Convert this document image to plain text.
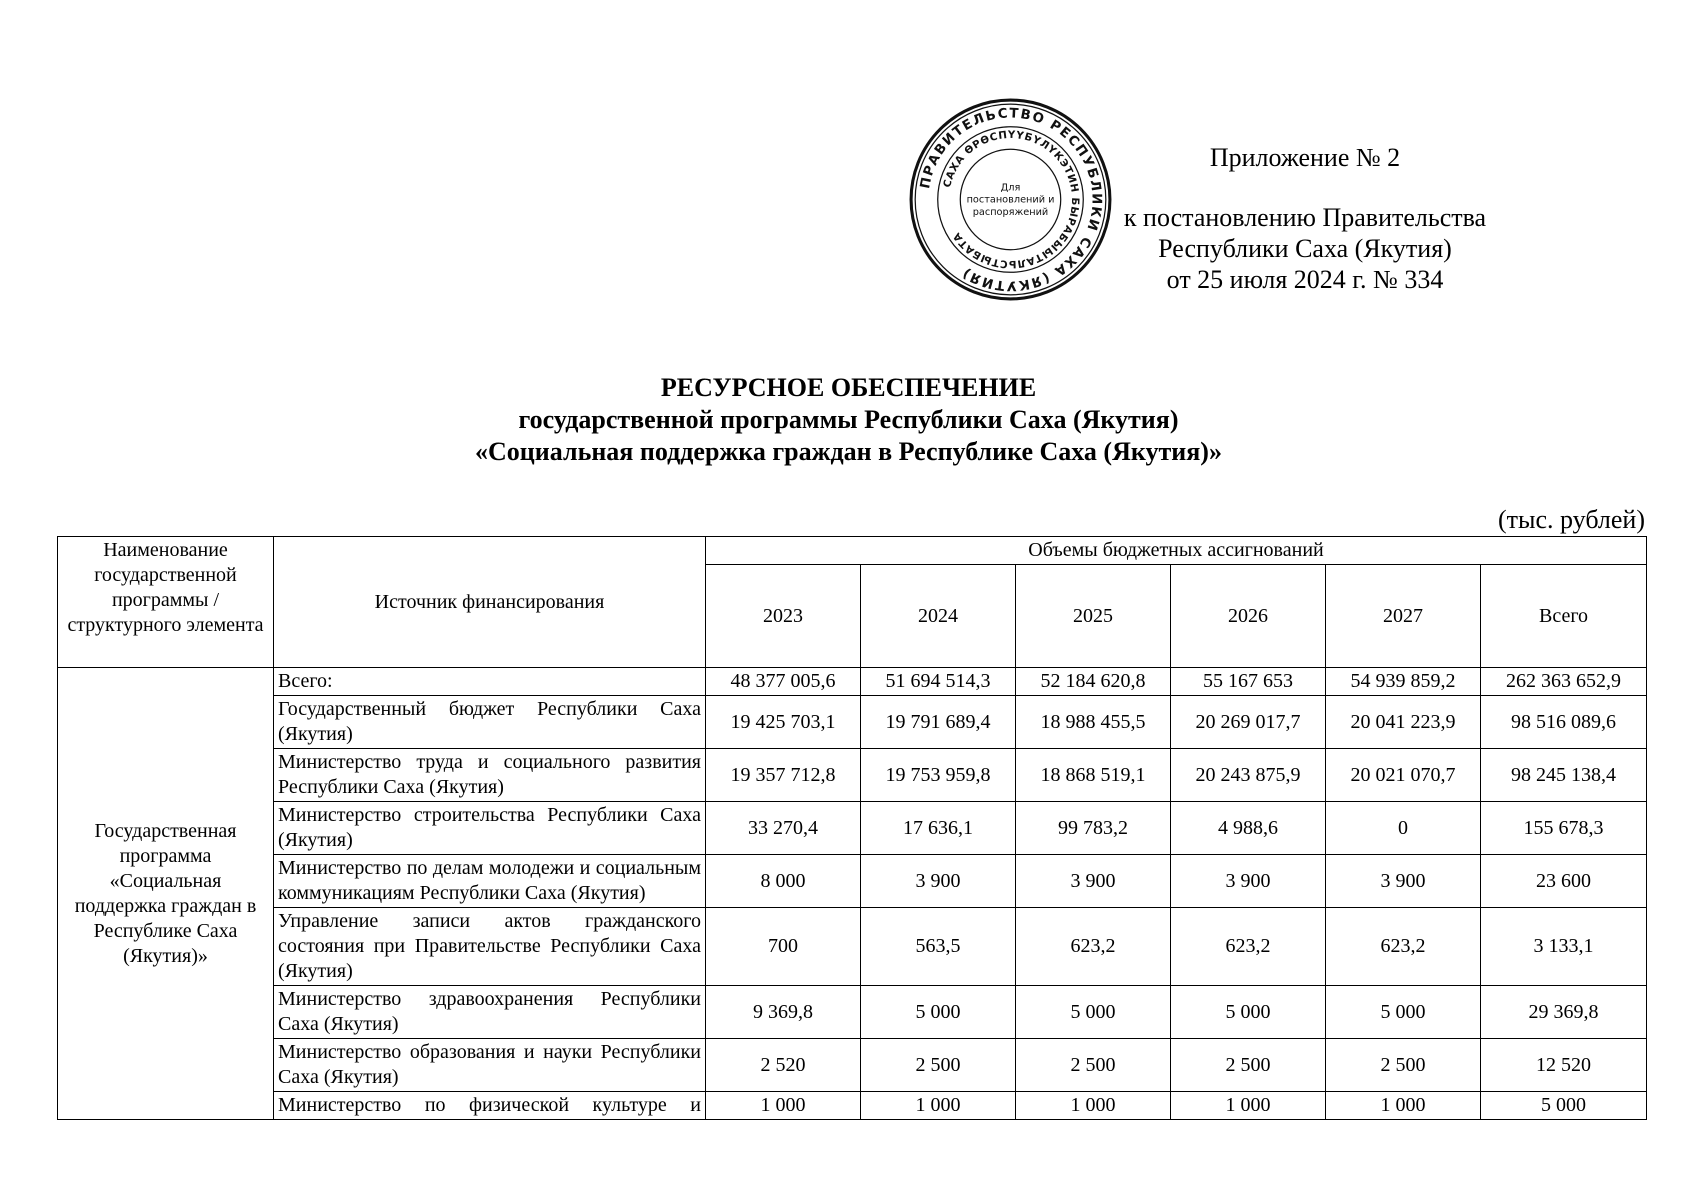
ПРАВИТЕЛЬСТВО РЕСПУБЛИКИ САХА (ЯКУТИЯ)
САХА ӨРӨСПҮҮБҮЛҮКЭТИН БЫРАБЫЫТАЛЬСТЫБАТА
Для
постановлений и
распоряжений
Приложение № 2
к постановлению Правительства
Республики Саха (Якутия)
от 25 июля 2024 г. № 334
РЕСУРСНОЕ ОБЕСПЕЧЕНИЕ
государственной программы Республики Саха (Якутия)
«Социальная поддержка граждан в Республике Саха (Якутия)»
(тыс. рублей)
Наименование государственной программы / структурного элемента	Источник финансирования	Объемы бюджетных ассигнований					
		2023	2024	2025	2026	2027	Всего
Государственная программа «Социальная поддержка граждан в Республике Саха (Якутия)»	Всего:	48 377 005,6	51 694 514,3	52 184 620,8	55 167 653	54 939 859,2	262 363 652,9
	Государственный бюджет Республики Саха (Якутия)	19 425 703,1	19 791 689,4	18 988 455,5	20 269 017,7	20 041 223,9	98 516 089,6
	Министерство труда и социального развития Республики Саха (Якутия)	19 357 712,8	19 753 959,8	18 868 519,1	20 243 875,9	20 021 070,7	98 245 138,4
	Министерство строительства Республики Саха (Якутия)	33 270,4	17 636,1	99 783,2	4 988,6	0	155 678,3
	Министерство по делам молодежи и социальным коммуникациям Республики Саха (Якутия)	8 000	3 900	3 900	3 900	3 900	23 600
	Управление записи актов гражданского состояния при Правительстве Республики Саха (Якутия)	700	563,5	623,2	623,2	623,2	3 133,1
	Министерство здравоохранения Республики Саха (Якутия)	9 369,8	5 000	5 000	5 000	5 000	29 369,8
	Министерство образования и науки Республики Саха (Якутия)	2 520	2 500	2 500	2 500	2 500	12 520
	Министерство по физической культуре и	1 000	1 000	1 000	1 000	1 000	5 000
